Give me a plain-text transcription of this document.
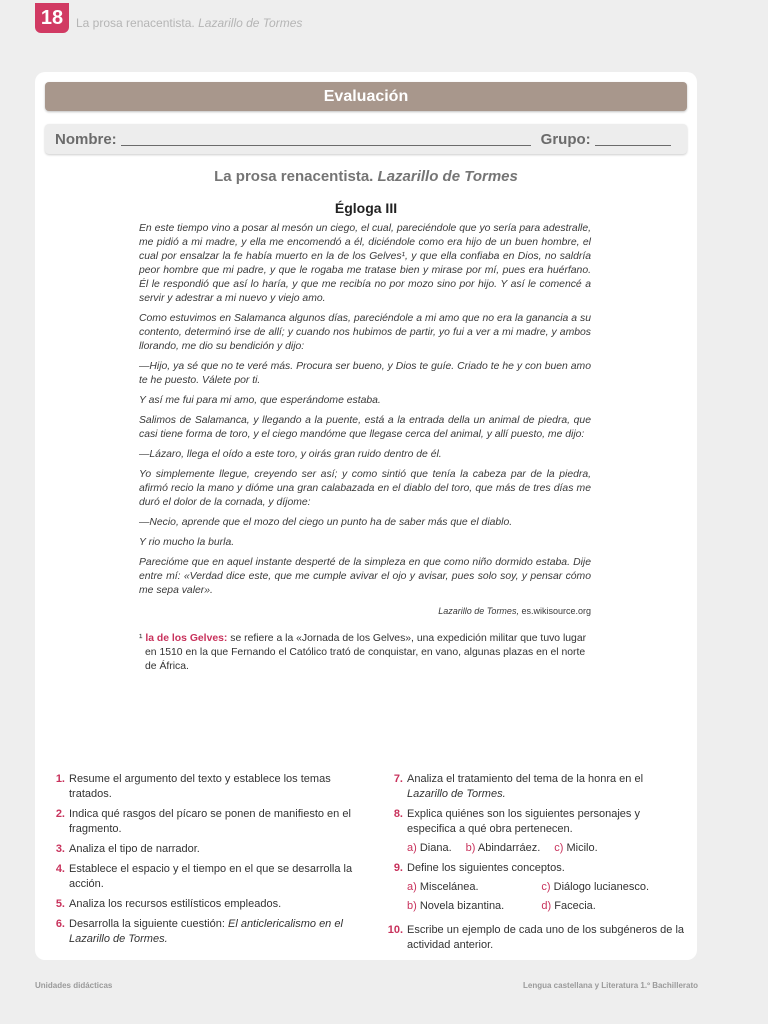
18	La prosa renacentista. Lazarillo de Tormes
Evaluación
Nombre:	Grupo:
La prosa renacentista. Lazarillo de Tormes
Égloga III

En este tiempo vino a posar al mesón un ciego, el cual, pareciéndole que yo sería para adestralle, me pidió a mi madre, y ella me encomendó a él, diciéndole como era hijo de un buen hombre, el cual por ensalzar la fe había muerto en la de los Gelves¹, y que ella confiaba en Dios, no saldría peor hombre que mi padre, y que le rogaba me tratase bien y mirase por mí, pues era huérfano. Él le respondió que así lo haría, y que me recibía no por mozo sino por hijo. Y así le comencé a servir y adestrar a mi nuevo y viejo amo.

Como estuvimos en Salamanca algunos días, pareciéndole a mi amo que no era la ganancia a su contento, determinó irse de allí; y cuando nos hubimos de partir, yo fui a ver a mi madre, y ambos llorando, me dio su bendición y dijo:

—Hijo, ya sé que no te veré más. Procura ser bueno, y Dios te guíe. Criado te he y con buen amo te he puesto. Válete por ti.

Y así me fui para mi amo, que esperándome estaba.

Salimos de Salamanca, y llegando a la puente, está a la entrada della un animal de piedra, que casi tiene forma de toro, y el ciego mandóme que llegase cerca del animal, y allí puesto, me dijo:

—Lázaro, llega el oído a este toro, y oirás gran ruido dentro de él.

Yo simplemente llegue, creyendo ser así; y como sintió que tenía la cabeza par de la piedra, afirmó recio la mano y dióme una gran calabazada en el diablo del toro, que más de tres días me duró el dolor de la cornada, y díjome:

—Necio, aprende que el mozo del ciego un punto ha de saber más que el diablo.

Y rio mucho la burla.

Parecióme que en aquel instante desperté de la simpleza en que como niño dormido estaba. Dije entre mí: «Verdad dice este, que me cumple avivar el ojo y avisar, pues solo soy, y pensar cómo me sepa valer».

Lazarillo de Tormes, es.wikisource.org
¹ la de los Gelves: se refiere a la «Jornada de los Gelves», una expedición militar que tuvo lugar
en 1510 en la que Fernando el Católico trató de conquistar, en vano, algunas plazas en el norte
de África.
1. Resume el argumento del texto y establece los temas tratados.
2. Indica qué rasgos del pícaro se ponen de manifiesto en el fragmento.
3. Analiza el tipo de narrador.
4. Establece el espacio y el tiempo en el que se desarrolla la acción.
5. Analiza los recursos estilísticos empleados.
6. Desarrolla la siguiente cuestión: El anticlericalismo en el Lazarillo de Tormes.
7. Analiza el tratamiento del tema de la honra en el Lazarillo de Tormes.
8. Explica quiénes son los siguientes personajes y especifica a qué obra pertenecen.
a) Diana. b) Abindarráez. c) Micilo.
9. Define los siguientes conceptos.
a) Miscelánea.	c) Diálogo lucianesco.
b) Novela bizantina.	d) Facecia.
10. Escribe un ejemplo de cada uno de los subgéneros de la actividad anterior.
Unidades didácticas	Lengua castellana y Literatura 1.º Bachillerato
